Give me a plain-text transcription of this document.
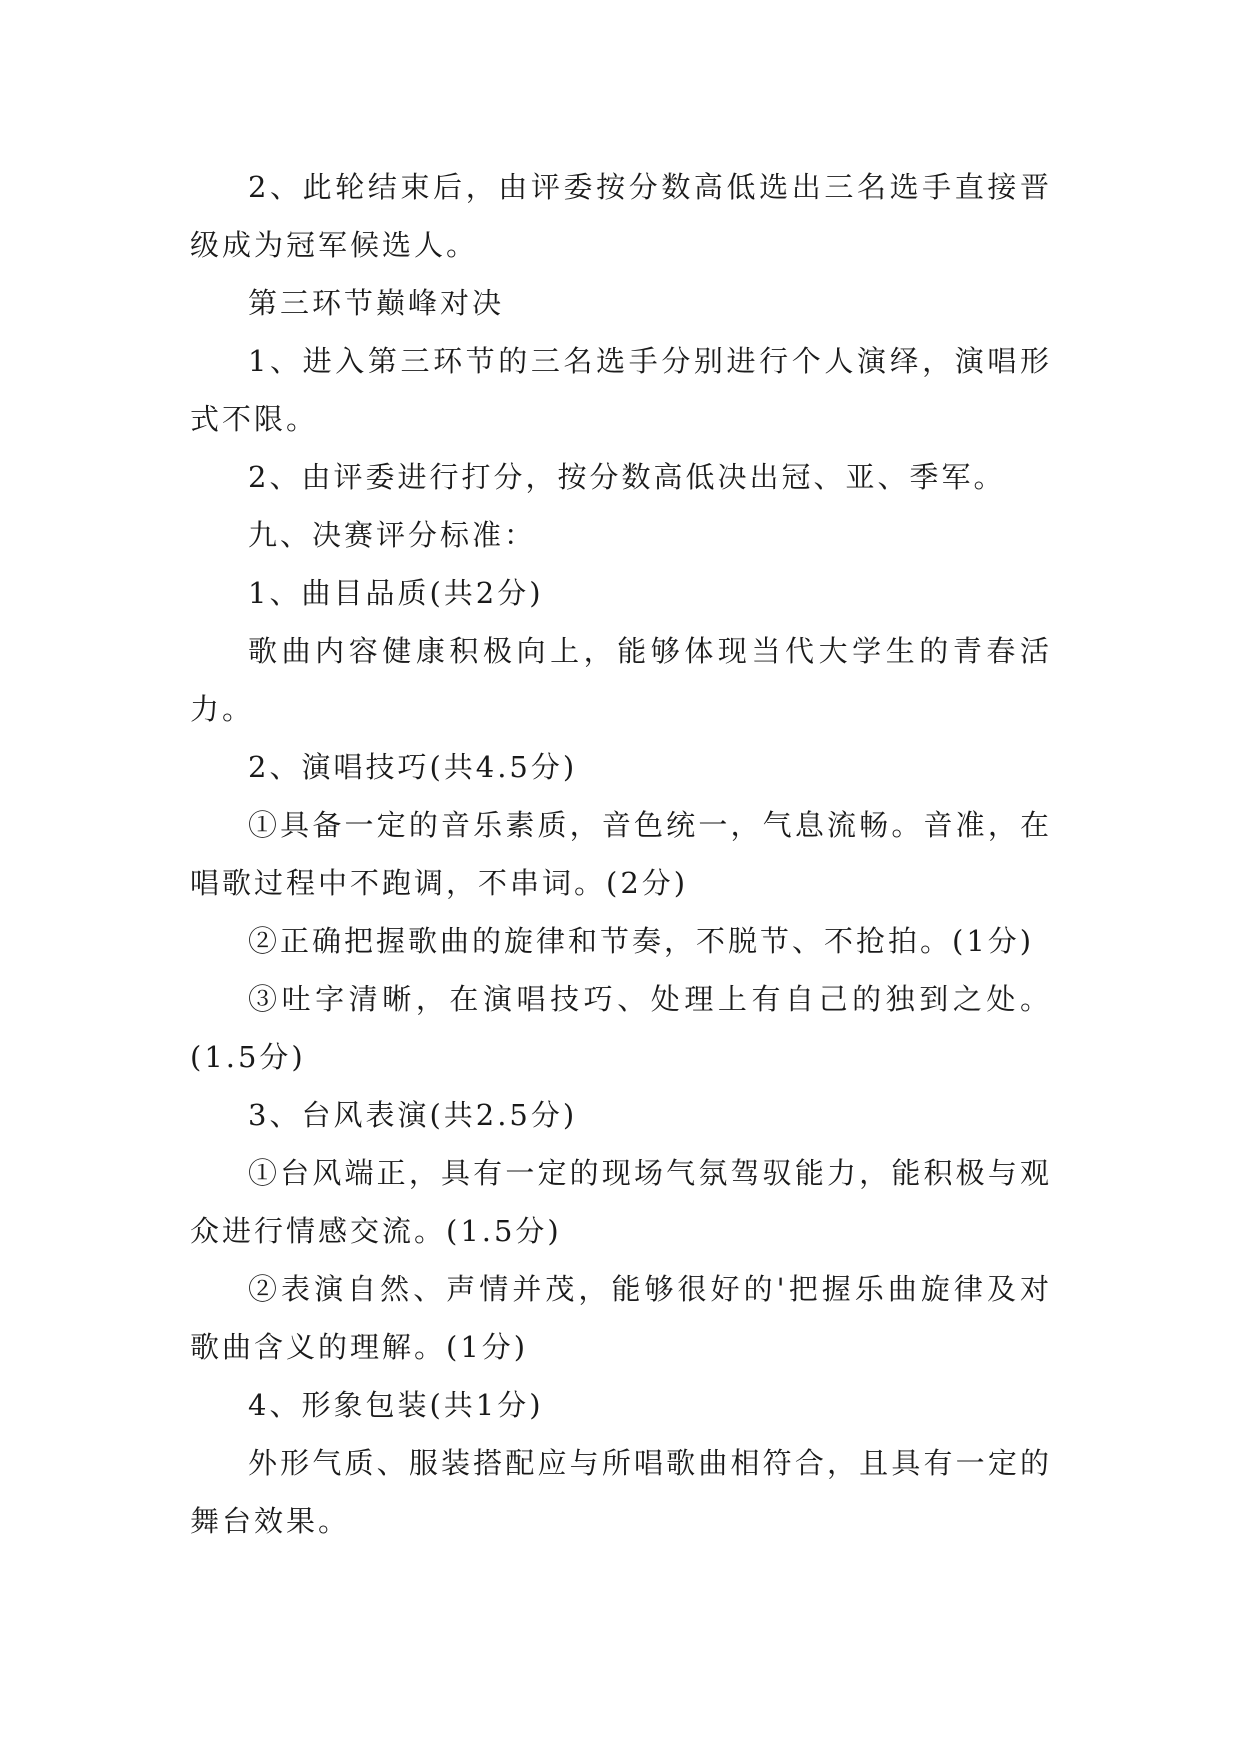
2、此轮结束后，由评委按分数高低选出三名选手直接晋级成为冠军候选人。

第三环节巅峰对决

1、进入第三环节的三名选手分别进行个人演绎，演唱形式不限。

2、由评委进行打分，按分数高低决出冠、亚、季军。

九、决赛评分标准：

1、曲目品质(共2分)

歌曲内容健康积极向上，能够体现当代大学生的青春活力。

2、演唱技巧(共4.5分)

①具备一定的音乐素质，音色统一，气息流畅。音准，在唱歌过程中不跑调，不串词。(2分)

②正确把握歌曲的旋律和节奏，不脱节、不抢拍。(1分)

③吐字清晰，在演唱技巧、处理上有自己的独到之处。(1.5分)

3、台风表演(共2.5分)

①台风端正，具有一定的现场气氛驾驭能力，能积极与观众进行情感交流。(1.5分)

②表演自然、声情并茂，能够很好的'把握乐曲旋律及对歌曲含义的理解。(1分)

4、形象包装(共1分)

外形气质、服装搭配应与所唱歌曲相符合，且具有一定的舞台效果。
